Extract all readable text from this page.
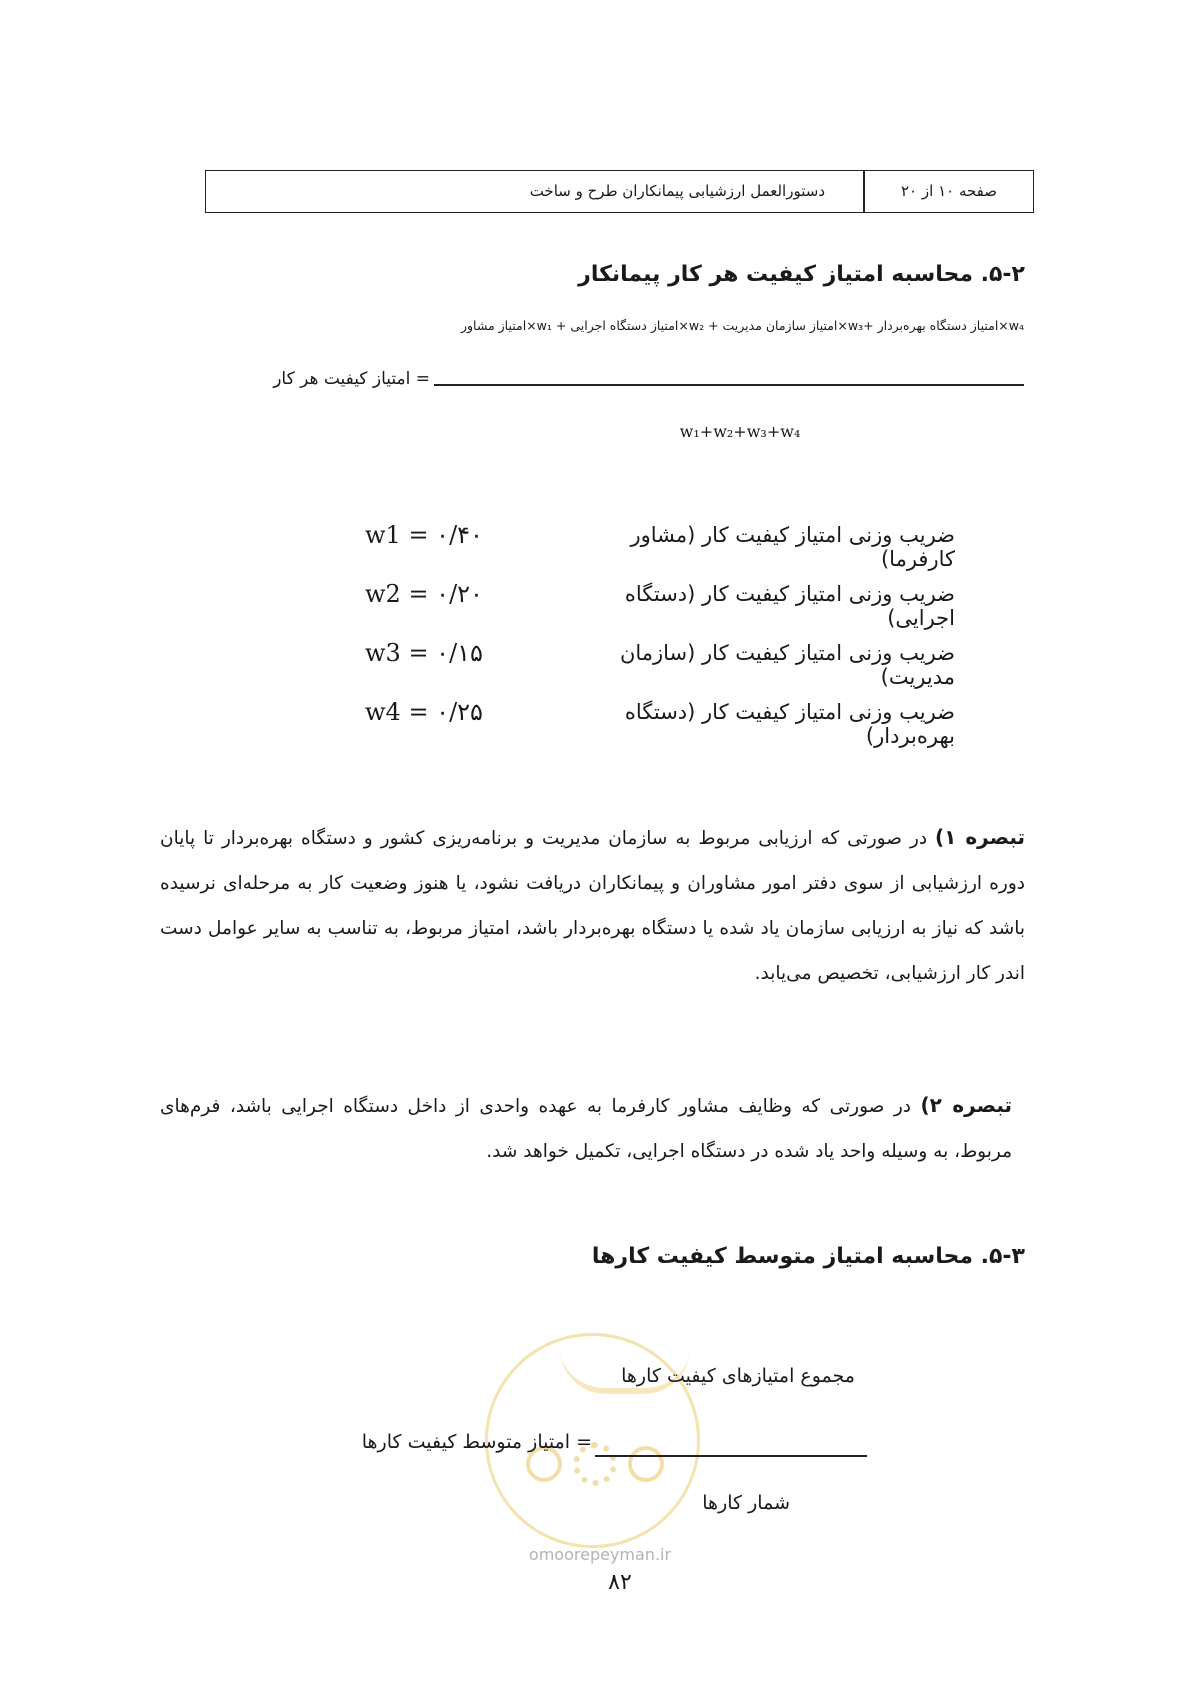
صفحه ۱۰ از ۲۰
دستورالعمل ارزشیابی پیمانکاران طرح و ساخت
۵-۲. محاسبه امتیاز کیفیت هر کار پیمانکار
w₄×امتیاز دستگاه بهره‌بردار +w₃×امتیاز سازمان مدیریت + w₂×امتیاز دستگاه اجرایی + w₁×امتیاز مشاور
= امتیاز کیفیت هر کار
w₁+w₂+w₃+w₄
ضریب وزنی امتیاز کیفیت کار (مشاور کارفرما)
w1 = ۰/۴۰
ضریب وزنی امتیاز کیفیت کار (دستگاه اجرایی)
w2 = ۰/۲۰
ضریب وزنی امتیاز کیفیت کار (سازمان مدیریت)
w3 = ۰/۱۵
ضریب وزنی امتیاز کیفیت کار (دستگاه بهره‌بردار)
w4 = ۰/۲۵
تبصره ۱) در صورتی که ارزیابی مربوط به سازمان مدیریت و برنامه‌ریزی کشور و دستگاه بهره‌بردار تا پایان دوره ارزشیابی از سوی دفتر امور مشاوران و پیمانکاران دریافت نشود، یا هنوز وضعیت کار به مرحله‌ای نرسیده باشد که نیاز به ارزیابی سازمان یاد شده یا دستگاه بهره‌بردار باشد، امتیاز مربوط، به تناسب به سایر عوامل دست اندر کار ارزشیابی، تخصیص می‌یابد.
تبصره ۲) در صورتی که وظایف مشاور کارفرما به عهده واحدی از داخل دستگاه اجرایی باشد، فرم‌های مربوط، به وسیله واحد یاد شده در دستگاه اجرایی، تکمیل خواهد شد.
۵-۳. محاسبه امتیاز متوسط کیفیت کارها
مجموع امتیازهای کیفیت کارها
= امتیاز متوسط کیفیت کارها
شمار کارها
omoorepeyman.ir
۸۲
